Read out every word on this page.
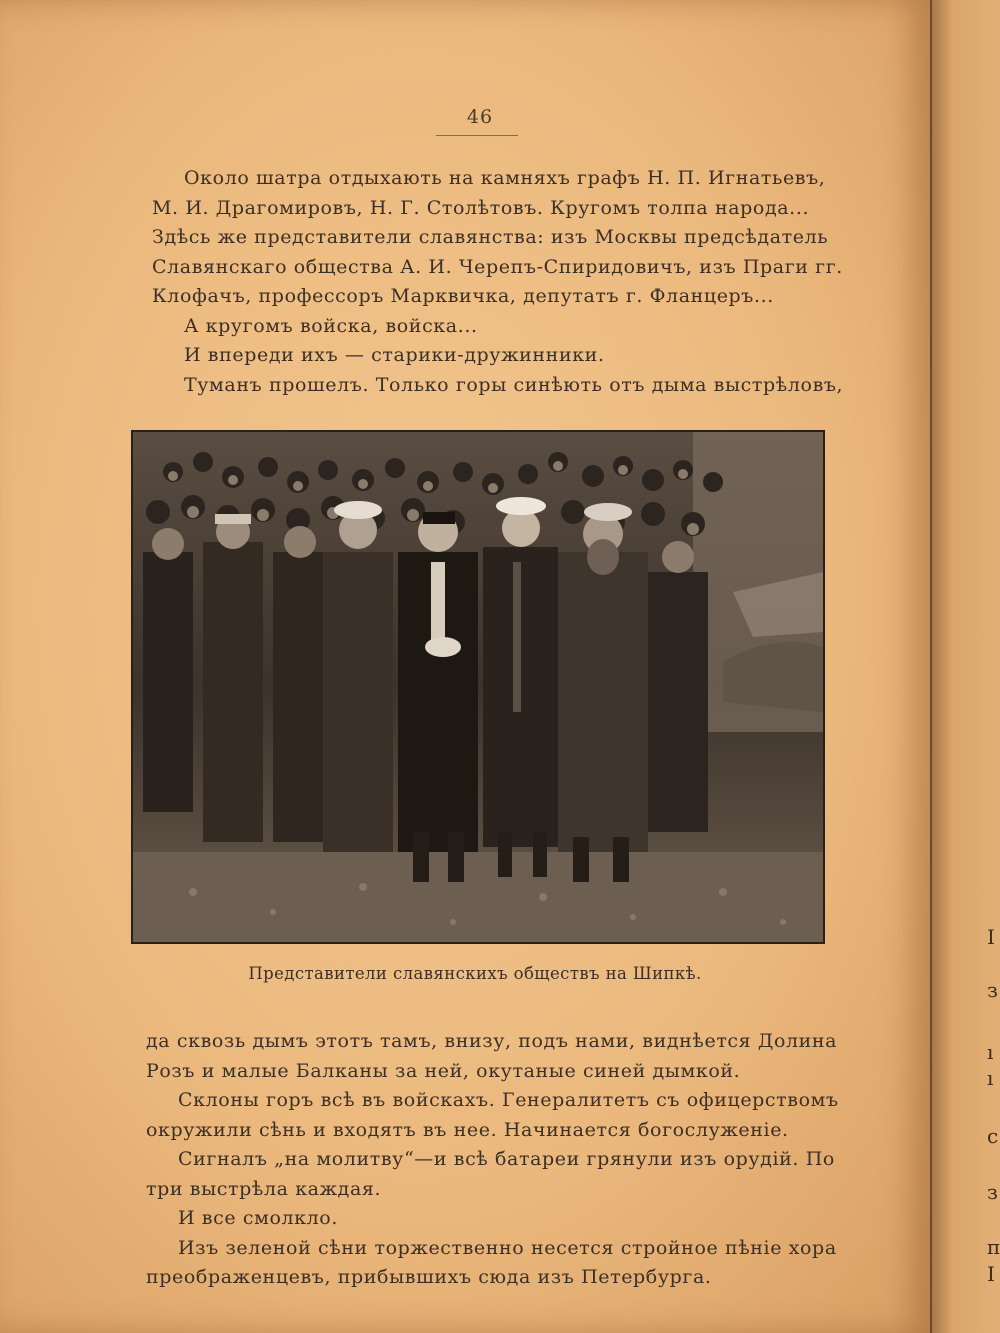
46
Около шатра отдыхають на камняхъ графъ Н. П. Игнатьевъ,
М. И. Драгомировъ, Н. Г. Столѣтовъ. Кругомъ толпа народа...
Здѣсь же представители славянства: изъ Москвы предсѣдатель
Славянскаго общества А. И. Черепъ-Спиридовичъ, изъ Праги гг.
Клофачъ, профессоръ Марквичка, депутатъ г. Фланцеръ...
А кругомъ войска, войска...
И впереди ихъ — старики-дружинники.
Туманъ прошелъ. Только горы синѣють отъ дыма выстрѣловъ,
Представители славянскихъ обществъ на Шипкѣ.
да сквозь дымъ этотъ тамъ, внизу, подъ нами, виднѣется Долина
Розъ и малые Балканы за ней, окутаные синей дымкой.
Склоны горъ всѣ въ войскахъ. Генералитетъ съ офицерствомъ
окружили сѣнь и входятъ въ нее. Начинается богослуженіе.
Сигналъ „на молитву“—и всѣ батареи грянули изъ орудій. По
три выстрѣла каждая.
И все смолкло.
Изъ зеленой сѣни торжественно несется стройное пѣніе хора
преображенцевъ, прибывшихъ сюда изъ Петербурга.
I
з
ı
ı
с
з
п
Ι
